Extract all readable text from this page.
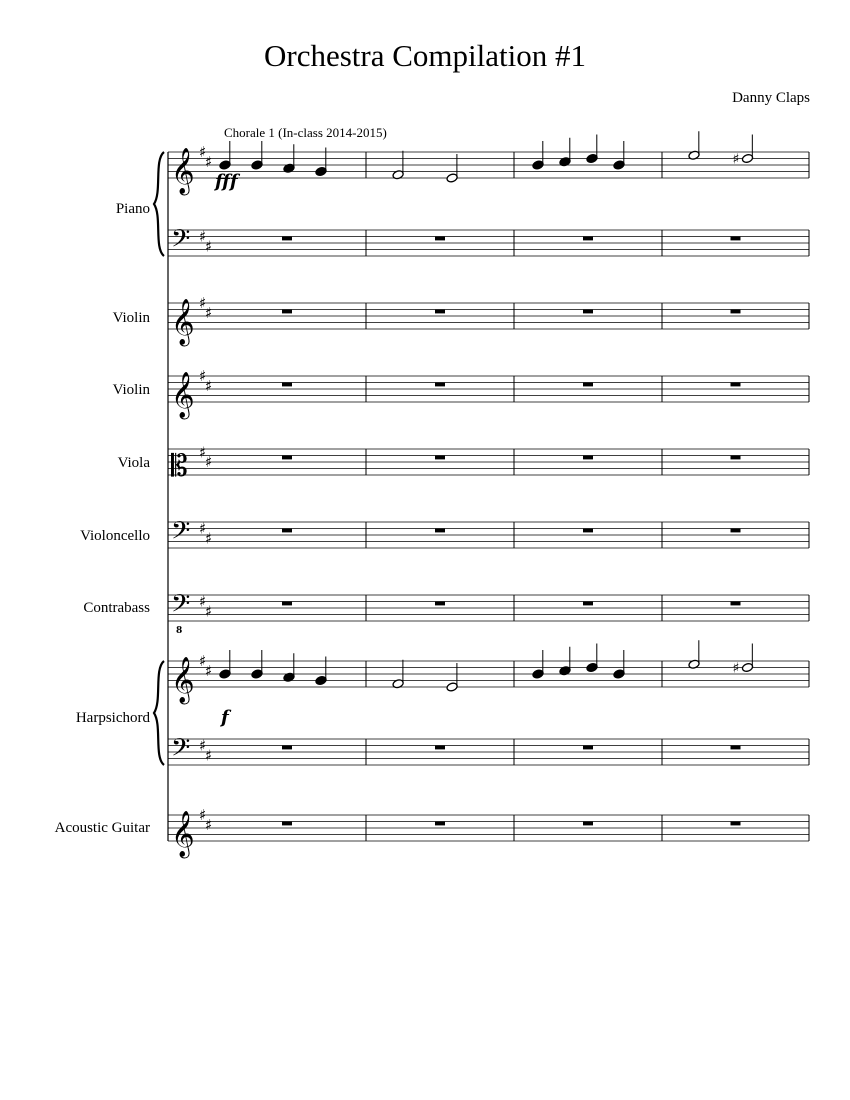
Orchestra Compilation #1
Danny Claps
Chorale 1 (In-class 2014-2015)
Piano
Violin
Violin
Viola
Violoncello
Contrabass
Harpsichord
Acoustic Guitar
𝄞 ♯
♯
𝄢 ♯
♯
𝄞 ♯
♯
𝄞 ♯
♯
𝄡 ♯
♯
𝄢 ♯
♯
𝄢
8
♯
♯
𝄞 ♯
♯
𝄢 ♯
♯
𝄞 ♯
♯
♯
♯
fff
f
